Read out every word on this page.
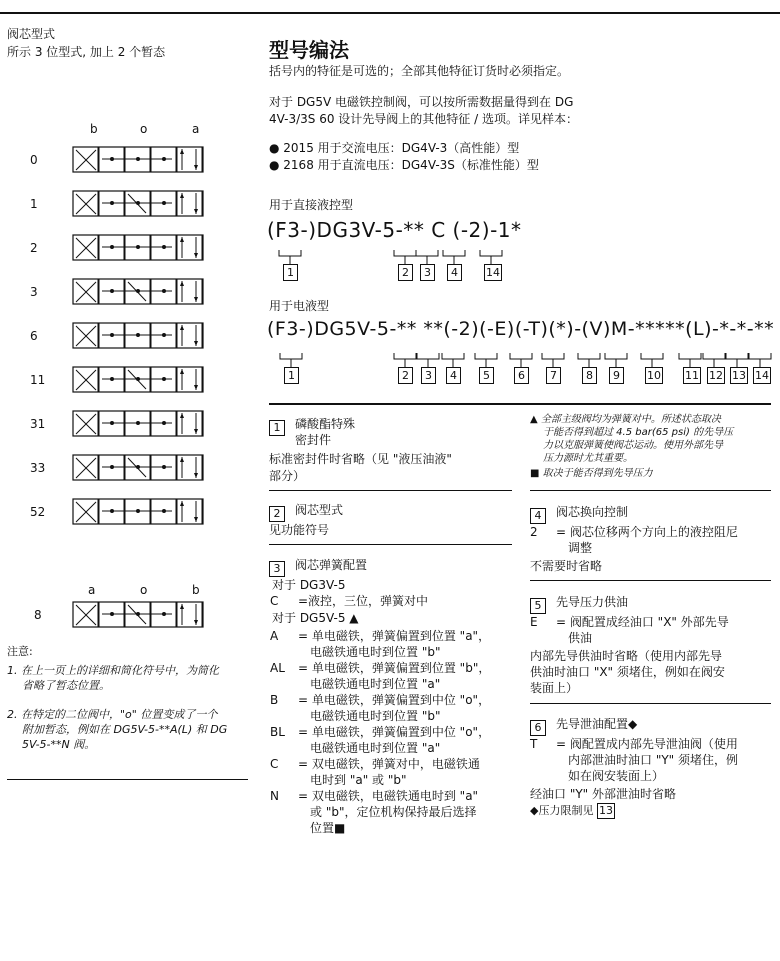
阀芯型式
所示 3 位型式, 加上 2 个暂态
b	o	a
a	o	b
0
1
2
3
6
11
31
33
52
8
注意:
1. 在上一页上的详细和简化符号中，为简化
省略了暂态位置。
2. 在特定的二位阀中，"o" 位置变成了一个
附加暂态，例如在 DG5V-5-**A(L) 和 DG
5V-5-**N 阀。
型号编法
括号内的特征是可选的；全部其他特征订货时必须指定。
对于 DG5V 电磁铁控制阀，可以按所需数据量得到在 DG
4V-3/3S 60 设计先导阀上的其他特征 / 选项。详见样本：
● 2015 用于交流电压：DG4V-3（高性能）型
● 2168 用于直流电压：DG4V-3S（标准性能）型
用于直接液控型
(F3-)DG3V-5-** C (-2)-1*
1	2	3	4	14
用于电液型
(F3-)DG5V-5-** **(-2)(-E)(-T)(*)-(V)M-*****(L)-*-*-**
1	2	3	4	5	6	7	8	9	10 11 12 13 14
1	磷酸酯特殊
密封件
标准密封件时省略（见 "液压油液"
部分）
2	阀芯型式
见功能符号
3	阀芯弹簧配置
对于 DG3V-5
C =液控，三位，弹簧对中
对于 DG5V-5 ▲
A = 单电磁铁，弹簧偏置到位置 "a"，
电磁铁通电时到位置 "b"
AL = 单电磁铁，弹簧偏置到位置 "b"，
电磁铁通电时到位置 "a"
B = 单电磁铁，弹簧偏置到中位 "o"，
电磁铁通电时到位置 "b"
BL = 单电磁铁，弹簧偏置到中位 "o"，
电磁铁通电时到位置 "a"
C = 双电磁铁，弹簧对中，电磁铁通
电时到 "a" 或 "b"
N = 双电磁铁，电磁铁通电时到 "a"
或 "b"，定位机构保持最后选择
位置■
▲ 全部主级阀均为弹簧对中。所述状态取决
于能否得到超过 4.5 bar(65 psi) 的先导压
力以克服弹簧使阀芯运动。使用外部先导
压力源时尤其重要。
■ 取决于能否得到先导压力
4	阀芯换向控制
2 = 阀芯位移两个方向上的液控阻尼
调整
不需要时省略
5	先导压力供油
E = 阀配置成经油口 "X" 外部先导
供油
内部先导供油时省略（使用内部先导
供油时油口 "X" 须堵住，例如在阀安
装面上）
6	先导泄油配置◆
T = 阀配置成内部先导泄油阀（使用
内部泄油时油口 "Y" 须堵住，例
如在阀安装面上）
经油口 "Y" 外部泄油时省略
◆压力限制见 13
